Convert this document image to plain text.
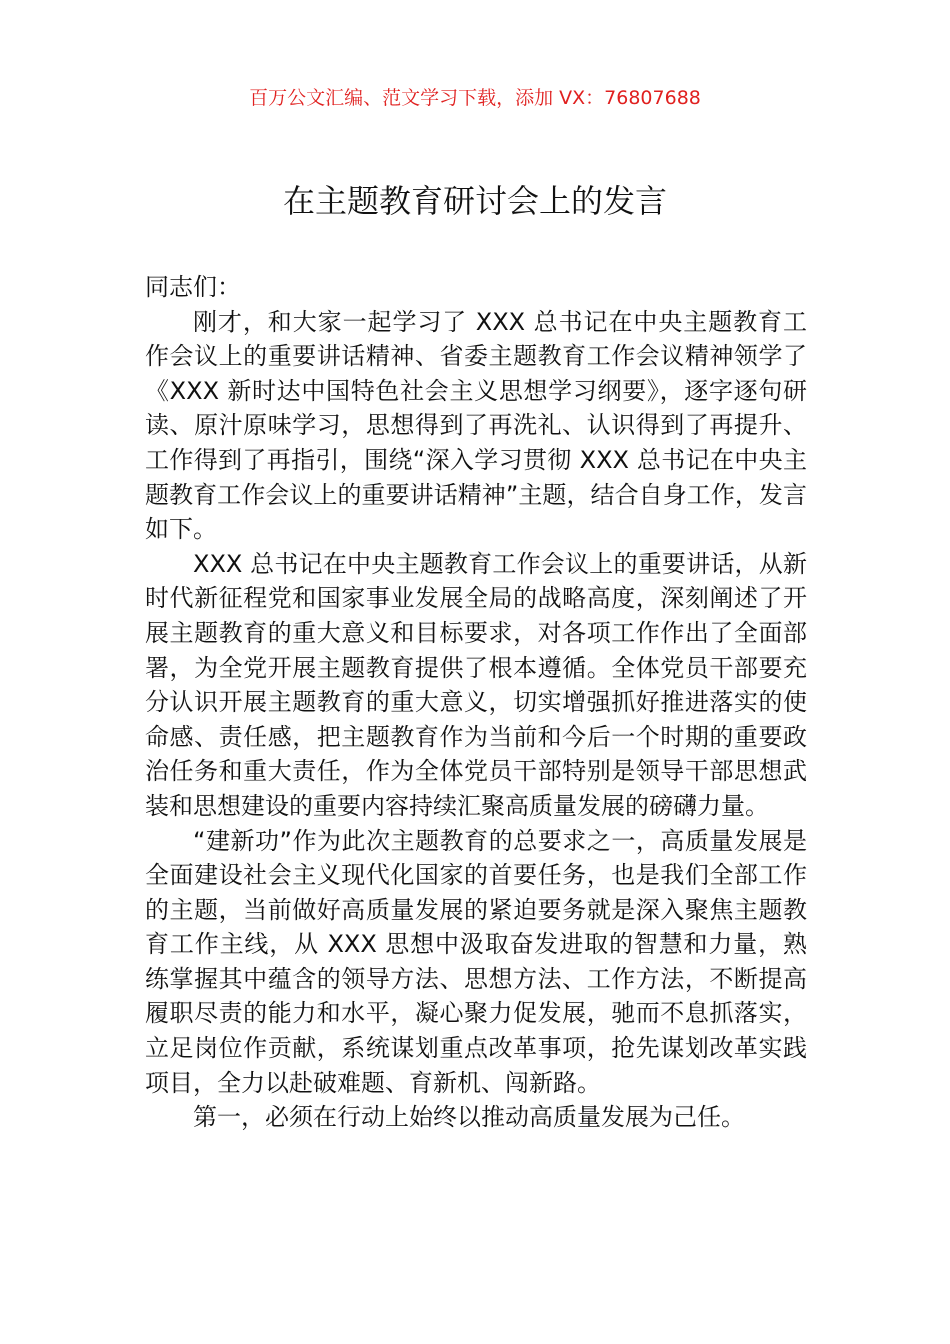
百万公文汇编、范文学习下载，添加 VX：76807688
在主题教育研讨会上的发言

同志们：

刚才，和大家一起学习了 XXX 总书记在中央主题教育工作会议上的重要讲话精神、省委主题教育工作会议精神领学了《XXX 新时达中国特色社会主义思想学习纲要》，逐字逐句研读、原汁原味学习，思想得到了再洗礼、认识得到了再提升、工作得到了再指引，围绕“深入学习贯彻 XXX 总书记在中央主题教育工作会议上的重要讲话精神”主题，结合自身工作，发言如下。

XXX 总书记在中央主题教育工作会议上的重要讲话，从新时代新征程党和国家事业发展全局的战略高度，深刻阐述了开展主题教育的重大意义和目标要求，对各项工作作出了全面部署，为全党开展主题教育提供了根本遵循。全体党员干部要充分认识开展主题教育的重大意义，切实增强抓好推进落实的使命感、责任感，把主题教育作为当前和今后一个时期的重要政治任务和重大责任，作为全体党员干部特别是领导干部思想武装和思想建设的重要内容持续汇聚高质量发展的磅礴力量。

“建新功”作为此次主题教育的总要求之一，高质量发展是全面建设社会主义现代化国家的首要任务，也是我们全部工作的主题，当前做好高质量发展的紧迫要务就是深入聚焦主题教育工作主线，从 XXX 思想中汲取奋发进取的智慧和力量，熟练掌握其中蕴含的领导方法、思想方法、工作方法，不断提高履职尽责的能力和水平，凝心聚力促发展，驰而不息抓落实，立足岗位作贡献，系统谋划重点改革事项，抢先谋划改革实践项目，全力以赴破难题、育新机、闯新路。

第一，必须在行动上始终以推动高质量发展为己任。
